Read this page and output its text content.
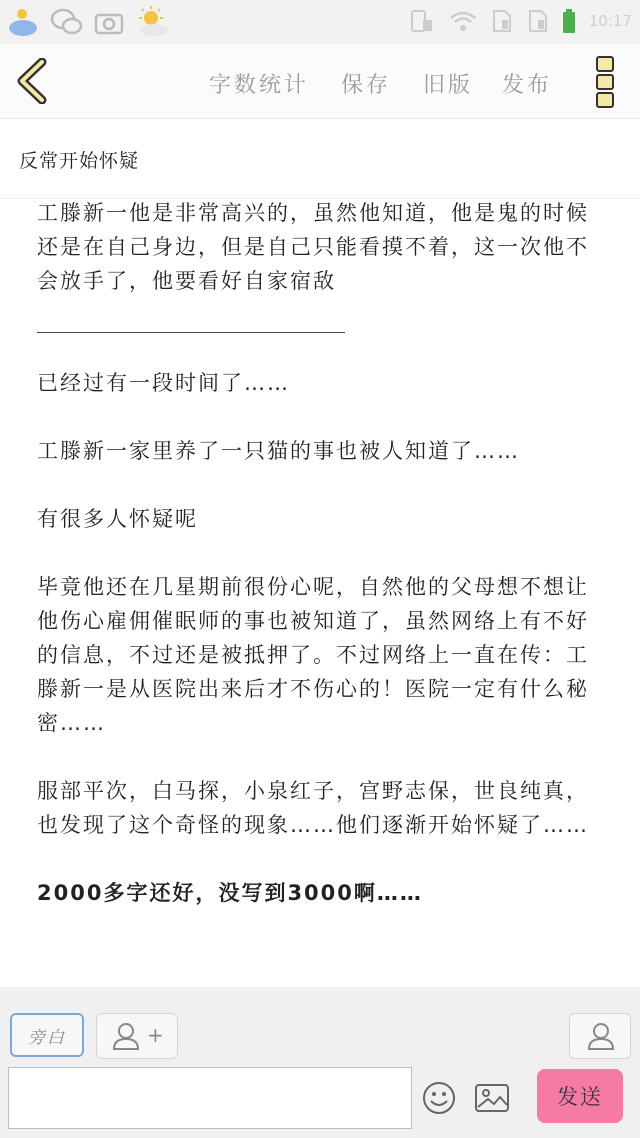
10:17
字数统计 保存 旧版 发布
反常开始怀疑

工滕新一他是非常高兴的，虽然他知道，他是鬼的时候还是在自己身边，但是自己只能看摸不着，这一次他不会放手了，他要看好自家宿敌

已经过有一段时间了……

工滕新一家里养了一只猫的事也被人知道了……

有很多人怀疑呢

毕竟他还在几星期前很份心呢，自然他的父母想不想让他伤心雇佣催眠师的事也被知道了，虽然网络上有不好的信息，不过还是被抵押了。不过网络上一直在传：工滕新一是从医院出来后才不伤心的！医院一定有什么秘密……

服部平次，白马探，小泉红子，宫野志保，世良纯真，也发现了这个奇怪的现象……他们逐渐开始怀疑了……

2000多字还好，没写到3000啊……

旁白	+
发送
